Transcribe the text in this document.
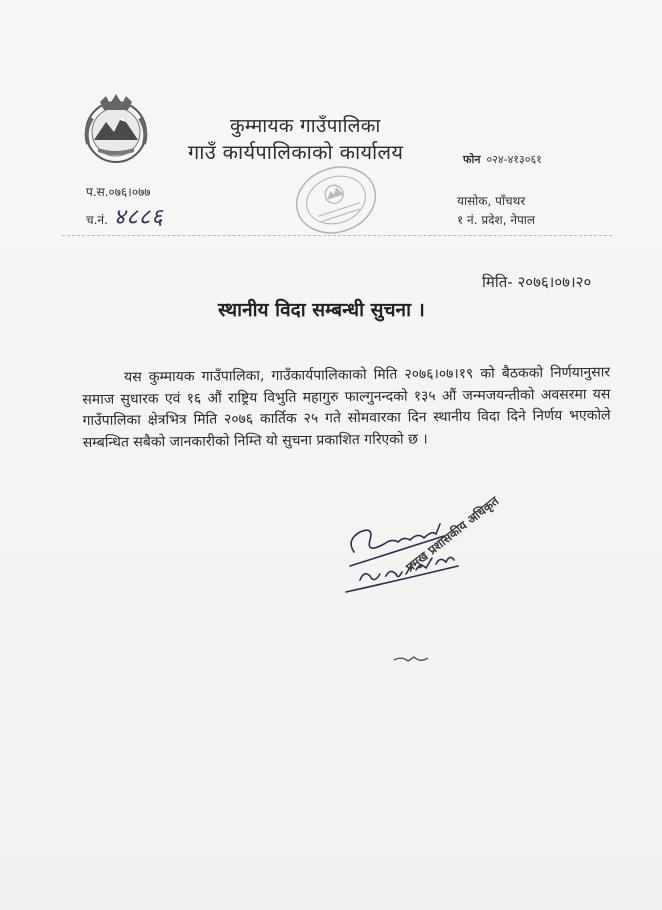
कुम्मायक गाउँपालिका
गाउँ कार्यपालिकाको कार्यालय	फोन ०२४-४१३०६१
प.स.०७६।०७७
च.नं. ४८८६
यासोक, पाँचथर
१ नं. प्रदेश, नेपाल
मिति- २०७६।०७।२०
स्थानीय विदा सम्बन्धी सुचना ।
यस कुम्मायक गाउँपालिका, गाउँकार्यपालिकाको मिति २०७६।०७।१९ को बैठकको निर्णयानुसार समाज सुधारक एवं १६ औं राष्ट्रिय विभुति महागुरु फाल्गुनन्दको १३५ औं जन्मजयन्तीको अवसरमा यस गाउँपालिका क्षेत्रभित्र मिति २०७६ कार्तिक २५ गते सोमवारका दिन स्थानीय विदा दिने निर्णय भएकोले सम्बन्धित सबैको जानकारीको निम्ति यो सुचना प्रकाशित गरिएको छ ।
प्रमुख प्रशासकीय अधिकृत
